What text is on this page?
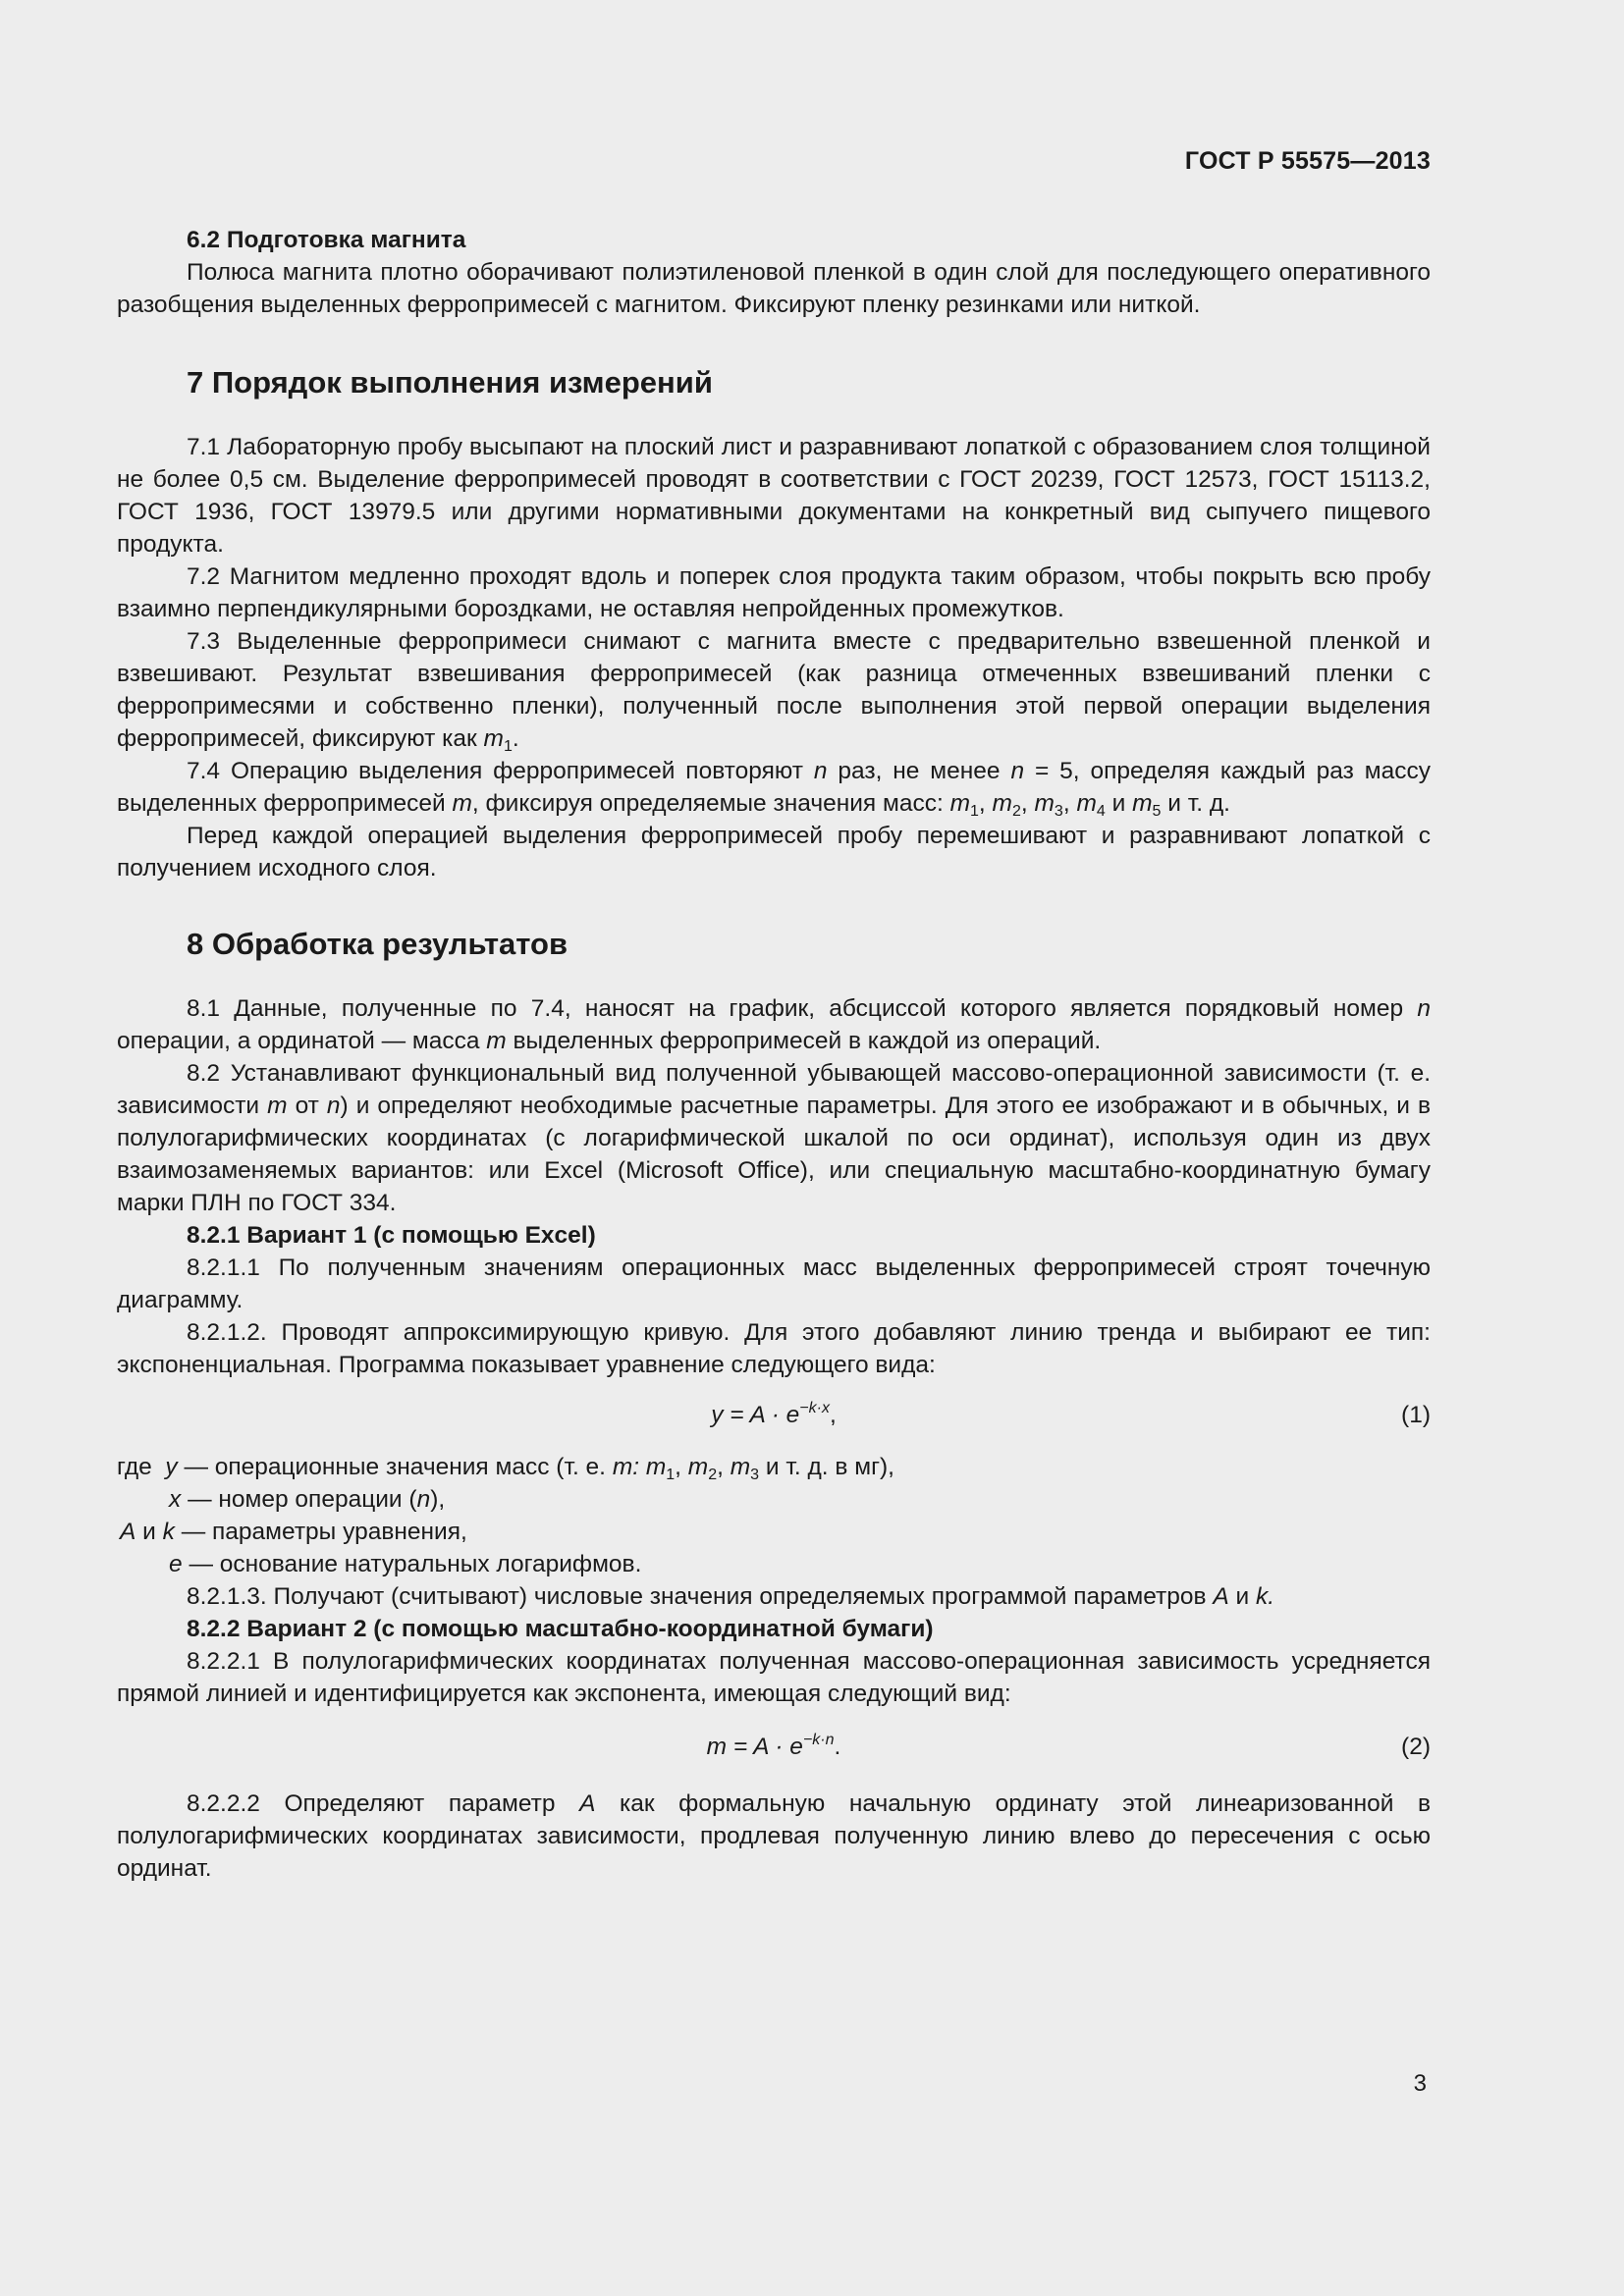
ГОСТ Р 55575—2013

6.2 Подготовка магнита

Полюса магнита плотно оборачивают полиэтиленовой пленкой в один слой для последующего оперативного разобщения выделенных ферропримесей с магнитом. Фиксируют пленку резинками или ниткой.

7 Порядок выполнения измерений

7.1 Лабораторную пробу высыпают на плоский лист и разравнивают лопаткой с образованием слоя толщиной не более 0,5 см. Выделение ферропримесей проводят в соответствии с ГОСТ 20239, ГОСТ 12573, ГОСТ 15113.2, ГОСТ 1936, ГОСТ 13979.5 или другими нормативными документами на конкретный вид сыпучего пищевого продукта.

7.2 Магнитом медленно проходят вдоль и поперек слоя продукта таким образом, чтобы покрыть всю пробу взаимно перпендикулярными бороздками, не оставляя непройденных промежутков.

7.3 Выделенные ферропримеси снимают с магнита вместе с предварительно взвешенной пленкой и взвешивают. Результат взвешивания ферропримесей (как разница отмеченных взвешиваний пленки с ферропримесями и собственно пленки), полученный после выполнения этой первой операции выделения ферропримесей, фиксируют как $m_1$.

7.4 Операцию выделения ферропримесей повторяют n раз, не менее n = 5, определяя каждый раз массу выделенных ферропримесей m, фиксируя определяемые значения масс: $m_1$, $m_2$, $m_3$, $m_4$ и $m_5$ и т. д.

Перед каждой операцией выделения ферропримесей пробу перемешивают и разравнивают лопаткой с получением исходного слоя.

8 Обработка результатов

8.1 Данные, полученные по 7.4, наносят на график, абсциссой которого является порядковый номер n операции, а ординатой — масса m выделенных ферропримесей в каждой из операций.

8.2 Устанавливают функциональный вид полученной убывающей массово-операционной зависимости (т. е. зависимости m от n) и определяют необходимые расчетные параметры. Для этого ее изображают и в обычных, и в полулогарифмических координатах (с логарифмической шкалой по оси ординат), используя один из двух взаимозаменяемых вариантов: или Excel (Microsoft Office), или специальную масштабно-координатную бумагу марки ПЛН по ГОСТ 334.

8.2.1 Вариант 1 (с помощью Excel)

8.2.1.1 По полученным значениям операционных масс выделенных ферропримесей строят точечную диаграмму.

8.2.1.2. Проводят аппроксимирующую кривую. Для этого добавляют линию тренда и выбирают ее тип: экспоненциальная. Программа показывает уравнение следующего вида:

$y = A \cdot e^{-k\cdot x}$,	(1)

где y — операционные значения масс (т. е. m: $m_1$, $m_2$, $m_3$ и т. д. в мг),

x — номер операции (n),

A и k — параметры уравнения,

e — основание натуральных логарифмов.

8.2.1.3. Получают (считывают) числовые значения определяемых программой параметров A и k.

8.2.2 Вариант 2 (с помощью масштабно-координатной бумаги)

8.2.2.1 В полулогарифмических координатах полученная массово-операционная зависимость усредняется прямой линией и идентифицируется как экспонента, имеющая следующий вид:

$m = A \cdot e^{-k\cdot n}$.	(2)

8.2.2.2 Определяют параметр A как формальную начальную ординату этой линеаризованной в полулогарифмических координатах зависимости, продлевая полученную линию влево до пересечения с осью ординат.

3
